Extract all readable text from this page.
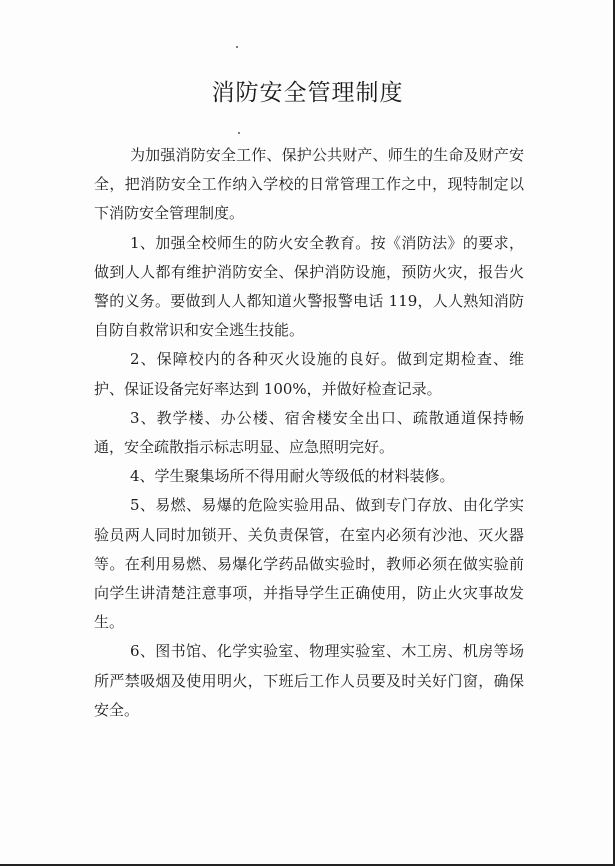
消防安全管理制度

为加强消防安全工作、保护公共财产、师生的生命及财产安全，把消防安全工作纳入学校的日常管理工作之中，现特制定以下消防安全管理制度。

1、加强全校师生的防火安全教育。按《消防法》的要求，做到人人都有维护消防安全、保护消防设施，预防火灾，报告火警的义务。要做到人人都知道火警报警电话 119，人人熟知消防自防自救常识和安全逃生技能。

2、保障校内的各种灭火设施的良好。做到定期检查、维护、保证设备完好率达到 100%，并做好检查记录。

3、教学楼、办公楼、宿舍楼安全出口、疏散通道保持畅通，安全疏散指示标志明显、应急照明完好。

4、学生聚集场所不得用耐火等级低的材料装修。

5、易燃、易爆的危险实验用品、做到专门存放、由化学实验员两人同时加锁开、关负责保管，在室内必须有沙池、灭火器等。在利用易燃、易爆化学药品做实验时，教师必须在做实验前向学生讲清楚注意事项，并指导学生正确使用，防止火灾事故发生。

6、图书馆、化学实验室、物理实验室、木工房、机房等场所严禁吸烟及使用明火，下班后工作人员要及时关好门窗，确保安全。
